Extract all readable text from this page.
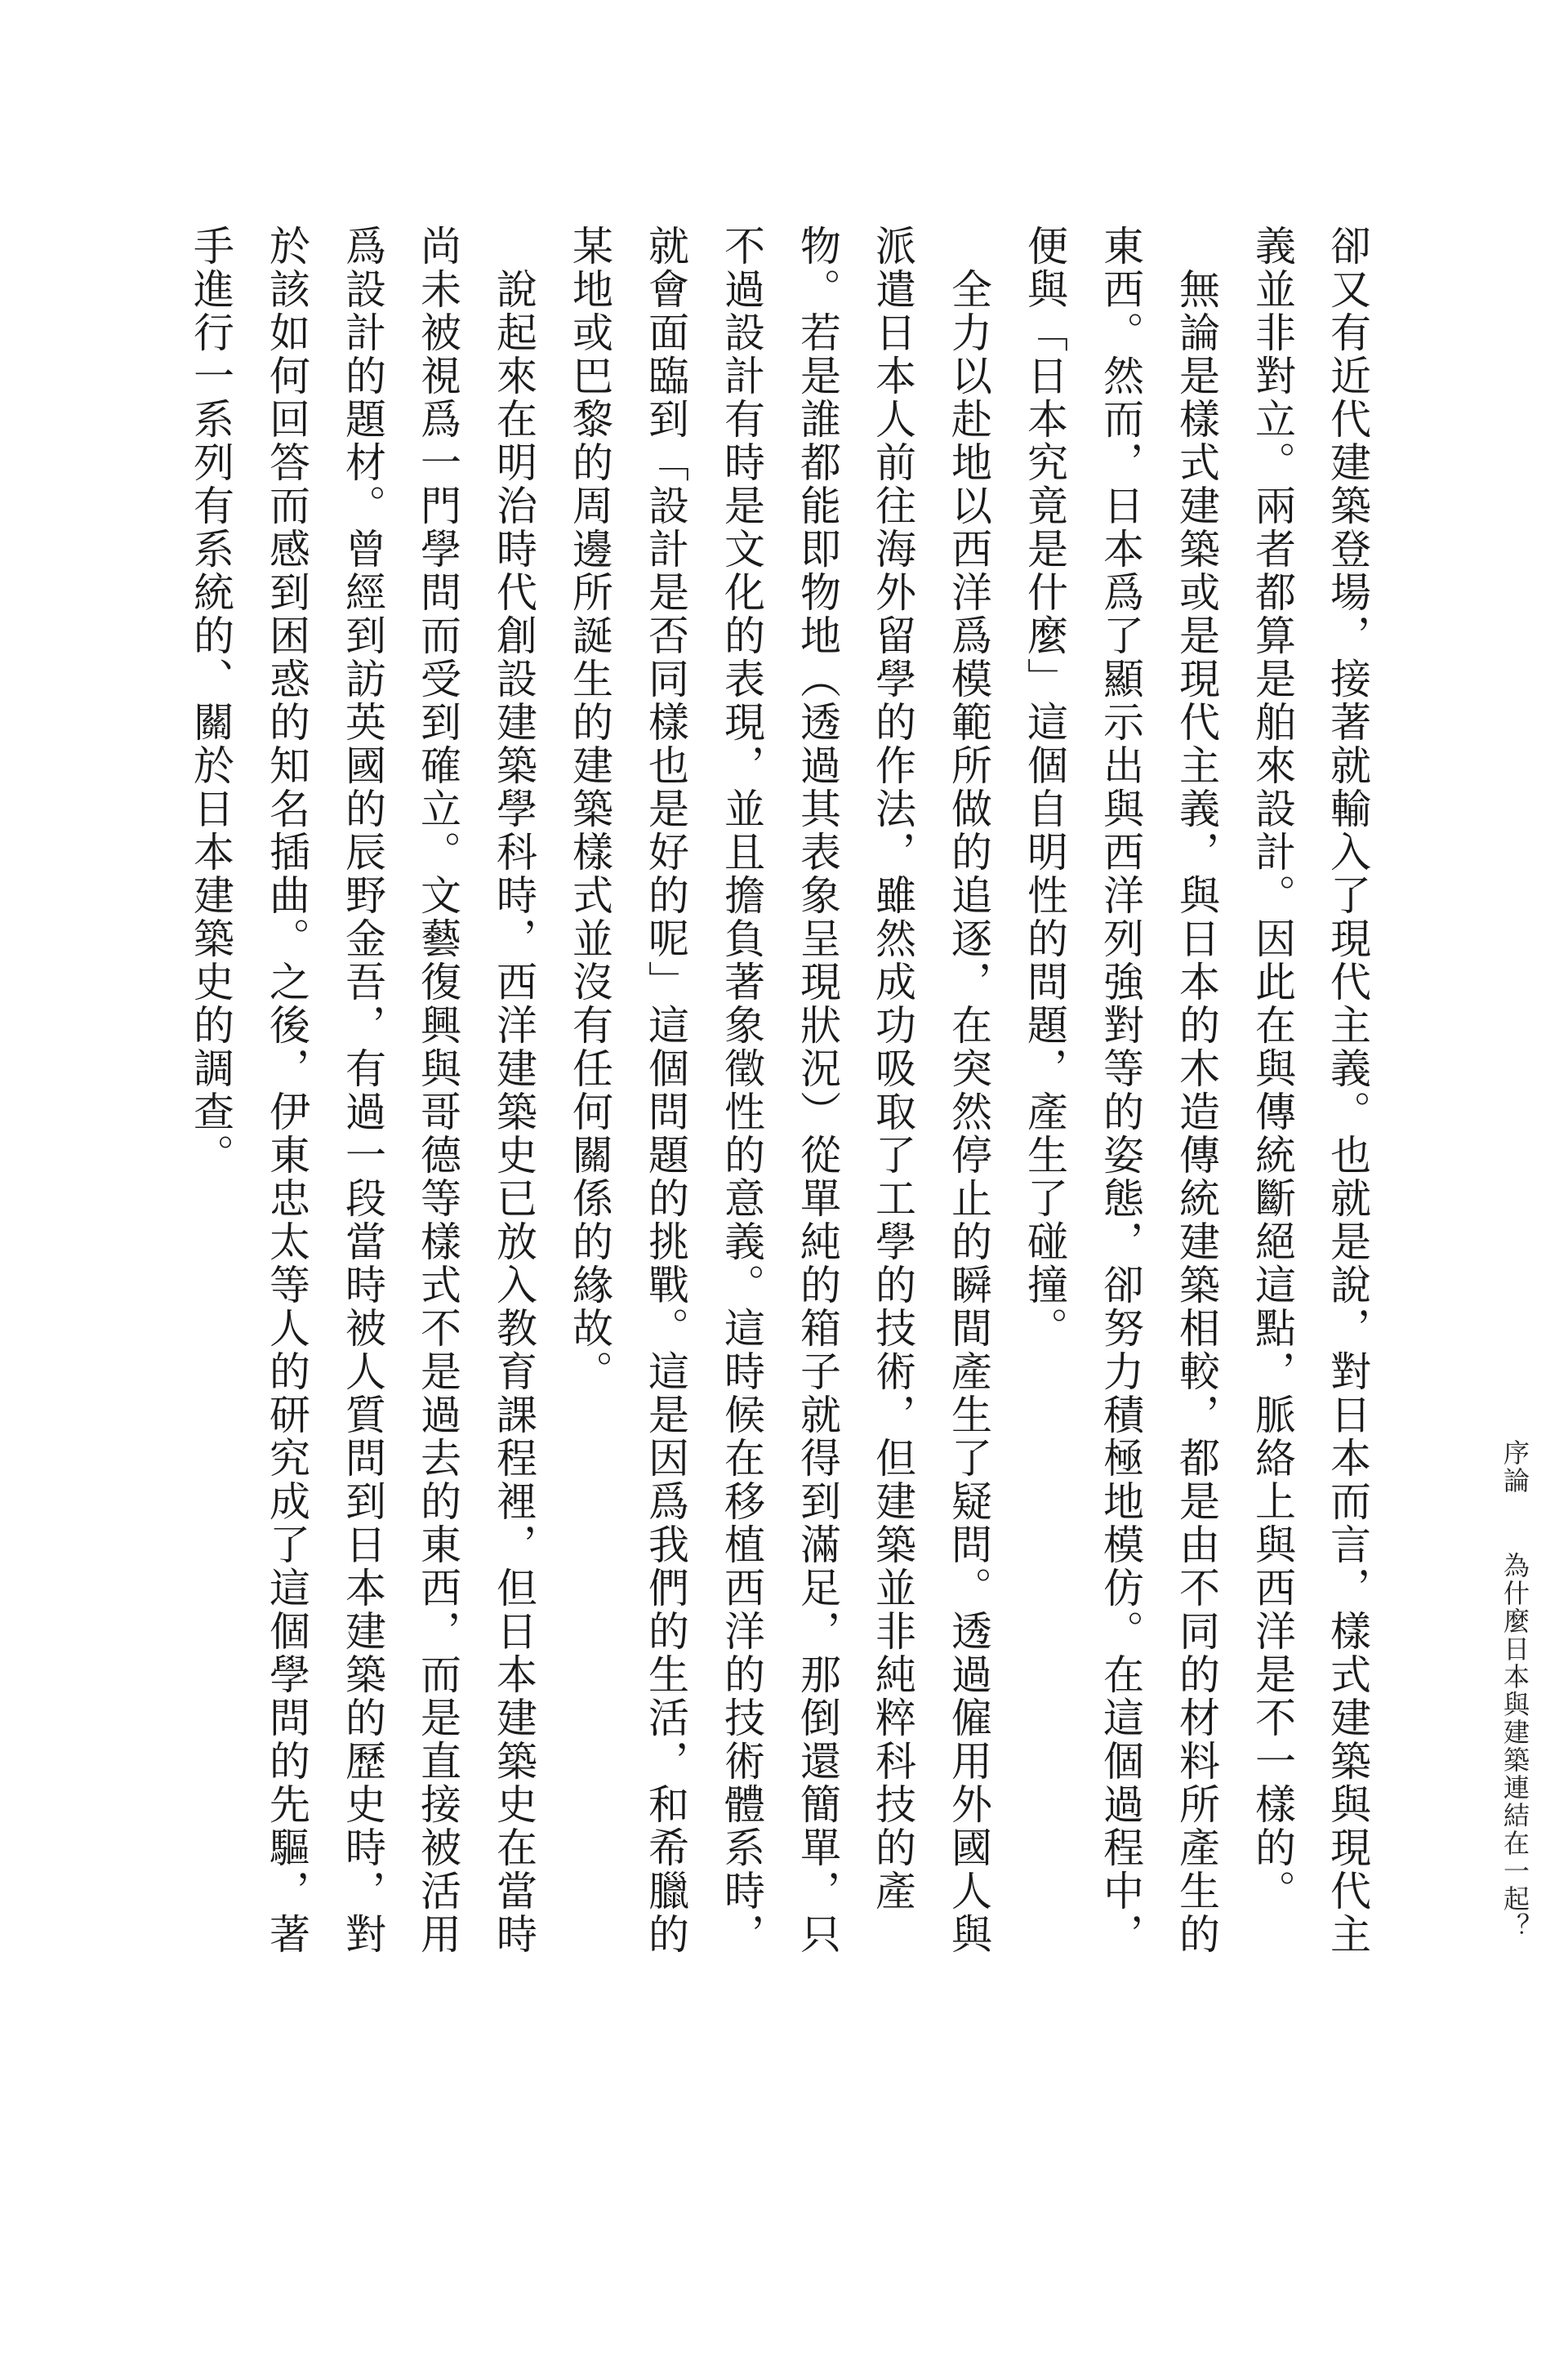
序論
為什麼日本與建築連結在一起？

卻又有近代建築登場，接著就輸入了現代主義。也就是說，對日本而言，樣式建築與現代主

義並非對立。兩者都算是舶來設計。因此在與傳統斷絕這點，脈絡上與西洋是不一樣的。

　無論是樣式建築或是現代主義，與日本的木造傳統建築相較，都是由不同的材料所產生的

東西。然而，日本爲了顯示出與西洋列強對等的姿態，卻努力積極地模仿。在這個過程中，

便與「日本究竟是什麼」這個自明性的問題，產生了碰撞。

　全力以赴地以西洋爲模範所做的追逐，在突然停止的瞬間產生了疑問。透過僱用外國人與

派遣日本人前往海外留學的作法，雖然成功吸取了工學的技術，但建築並非純粹科技的產

物。若是誰都能即物地（透過其表象呈現狀況）從單純的箱子就得到滿足，那倒還簡單，只

不過設計有時是文化的表現，並且擔負著象徵性的意義。這時候在移植西洋的技術體系時，

就會面臨到「設計是否同樣也是好的呢」這個問題的挑戰。這是因爲我們的生活，和希臘的

某地或巴黎的周邊所誕生的建築樣式並沒有任何關係的緣故。

　說起來在明治時代創設建築學科時，西洋建築史已放入教育課程裡，但日本建築史在當時

尚未被視爲一門學問而受到確立。文藝復興與哥德等樣式不是過去的東西，而是直接被活用

爲設計的題材。曾經到訪英國的辰野金吾，有過一段當時被人質問到日本建築的歷史時，對

於該如何回答而感到困惑的知名插曲。之後，伊東忠太等人的研究成了這個學問的先驅，著

手進行一系列有系統的、關於日本建築史的調查。
